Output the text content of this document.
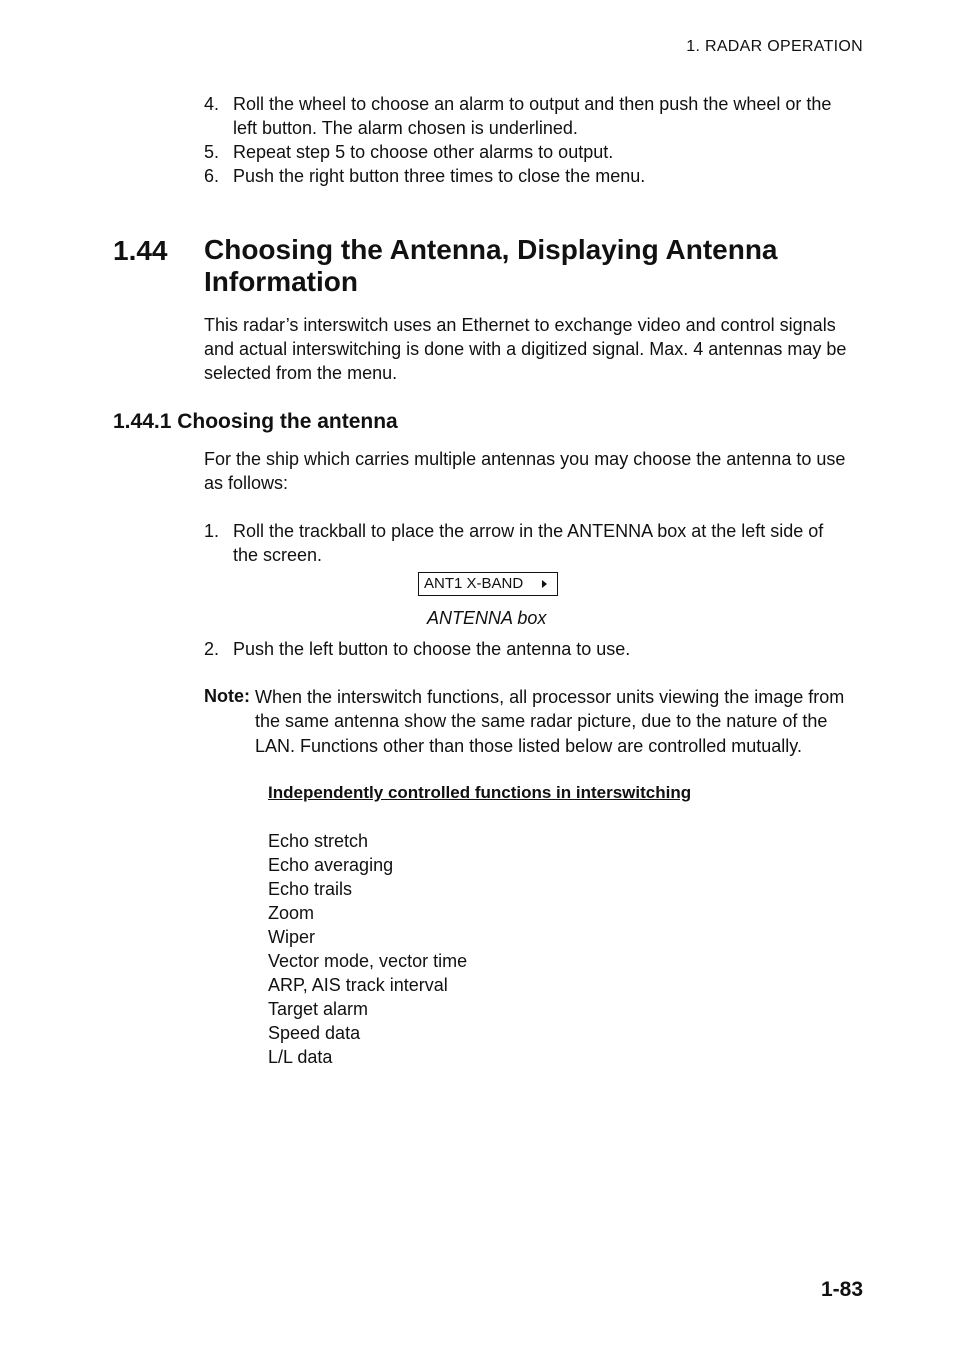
1. RADAR OPERATION
4. Roll the wheel to choose an alarm to output and then push the wheel or the
left button. The alarm chosen is underlined.
5. Repeat step 5 to choose other alarms to output.
6. Push the right button three times to close the menu.
1.44 Choosing the Antenna, Displaying Antenna
Information
This radar’s interswitch uses an Ethernet to exchange video and control signals
and actual interswitching is done with a digitized signal. Max. 4 antennas may be
selected from the menu.
1.44.1 Choosing the antenna
For the ship which carries multiple antennas you may choose the antenna to use
as follows:
1. Roll the trackball to place the arrow in the ANTENNA box at the left side of
the screen.
ANT1 X-BAND
ANTENNA box
2. Push the left button to choose the antenna to use.
Note: When the interswitch functions, all processor units viewing the image from
the same antenna show the same radar picture, due to the nature of the
LAN. Functions other than those listed below are controlled mutually.
Independently controlled functions in interswitching
Echo stretch
Echo averaging
Echo trails
Zoom
Wiper
Vector mode, vector time
ARP, AIS track interval
Target alarm
Speed data
L/L data
1-83
